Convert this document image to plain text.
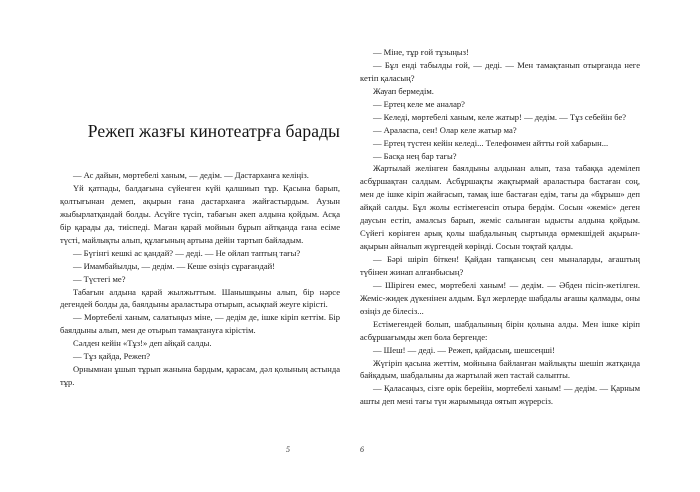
Режеп жазғы кинотеатрға барады

— Ас дайын, мөртебелі ханым, — дедім. — Дастарханға келіңіз.

Үй қатпады, балдағына сүйенген күйі қалшиып тұр. Қасына барып, қолтығынан демеп, ақырын ғана дастарханға жайғастырдым. Аузын жыбырлатқандай болды. Асүйге түсіп, табағын әкеп алдына қойдым. Асқа бір қарады да, тиіспеді. Маған қарай мойнын бұрып айтқанда ғана есіме түсті, майлықты алып, құлағының артына дейін тартып байладым.

— Бүгінгі кешкі ас қандай? — деді. — Не ойлап таптың тағы?

— Имамбайылды, — дедім. — Кеше өзіңіз сұрағандай!

— Түстегі ме?

Табағын алдына қарай жылжыттым. Шанышқыны алып, бір нәрсе дегендей болды да, баялдыны араластыра отырып, асықпай жеуге кірісті.

— Мөртебелі ханым, салатыңыз міне, — дедім де, ішке кіріп кеттім. Бір баялдыны алып, мен де отырып тамақтануға кірістім.

Сәлден кейін «Тұз!» деп айқай салды.

— Тұз қайда, Режеп?

Орнымнан ұшып тұрып жанына бардым, қарасам, дәл қолының астында тұр.

5

— Міне, тұр ғой тұзыңыз!

— Бұл енді табылды ғой, — деді. — Мен тамақтанып отырғанда неге кетіп қаласың?

Жауап бермедім.

— Ертең келе ме аналар?

— Келеді, мөртебелі ханым, келе жатыр! — дедім. — Тұз себейін бе?

— Араласпа, сен! Олар келе жатыр ма?

— Ертең түстен кейін келеді... Телефонмен айтты ғой хабарын...

— Басқа нең бар тағы?

Жартылай желінген баялдыны алдынан алып, таза табаққа әдемілеп асбұршақтан салдым. Асбұршақты жақтырмай араластыра бастаған соң, мен де ішке кіріп жайғасып, тамақ іше бастаған едім, тағы да «бұрыш» деп айқай салды. Бұл жолы естімегенсіп отыра бердім. Сосын «жеміс» деген даусын естіп, амалсыз барып, жеміс салынған ыдысты алдына қойдым. Сүйегі көрінген арық қолы шабдалының сыртында өрмекшідей ақырын-ақырын айналып жүргендей көрінді. Сосын тоқтай қалды.

— Бәрі шіріп біткен! Қайдан тапқансың сен мыналарды, ағаштың түбінен жинап алғанбысың?

— Шіріген емес, мөртебелі ханым! — дедім. — Әбден пісіп-жетілген. Жеміс-жидек дүкенінен алдым. Бұл жерлерде шабдалы ағашы қалмады, оны өзіңіз де білесіз...

Естімегендей болып, шабдалының бірін қолына алды. Мен ішке кіріп асбұршағымды жеп бола бергенде:

— Шеш! — деді. — Режеп, қайдасың, шешсеңші!

Жүгіріп қасына жеттім, мойнына байланған майлықты шешіп жатқанда байқадым, шабдалыны да жартылай жеп тастай салыпты.

— Қаласаңыз, сізге өрік берейін, мөртебелі ханым! — дедім. — Қарным ашты деп мені тағы түн жарымында оятып жүрерсіз.

6
